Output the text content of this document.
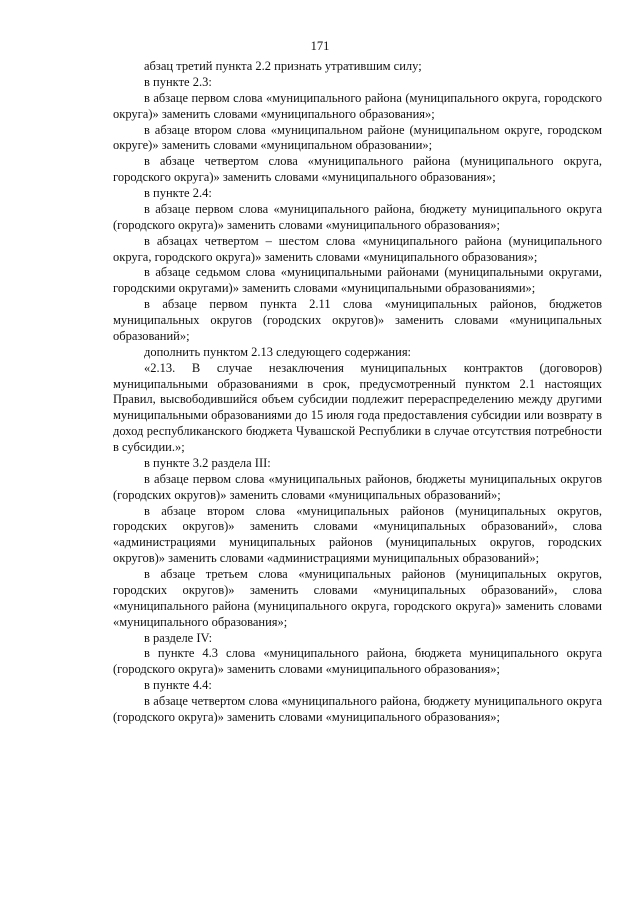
171

абзац третий пункта 2.2 признать утратившим силу;

в пункте 2.3:

в абзаце первом слова «муниципального района (муниципального округа, городского округа)» заменить словами «муниципального образования»;

в абзаце втором слова «муниципальном районе (муниципальном округе, городском округе)» заменить словами «муниципальном образовании»;

в абзаце четвертом слова «муниципального района (муниципального округа, городского округа)» заменить словами «муниципального образования»;

в пункте 2.4:

в абзаце первом слова «муниципального района, бюджету муниципального округа (городского округа)» заменить словами «муниципального образования»;

в абзацах четвертом – шестом слова «муниципального района (муниципального округа, городского округа)» заменить словами «муниципального образования»;

в абзаце седьмом слова «муниципальными районами (муниципальными округами, городскими округами)» заменить словами «муниципальными образованиями»;

в абзаце первом пункта 2.11 слова «муниципальных районов, бюджетов муниципальных округов (городских округов)» заменить словами «муниципальных образований»;

дополнить пунктом 2.13 следующего содержания:

«2.13. В случае незаключения муниципальных контрактов (договоров) муниципальными образованиями в срок, предусмотренный пунктом 2.1 настоящих Правил, высвободившийся объем субсидии подлежит перераспределению между другими муниципальными образованиями до 15 июля года предоставления субсидии или возврату в доход республиканского бюджета Чувашской Республики в случае отсутствия потребности в субсидии.»;

в пункте 3.2 раздела III:

в абзаце первом слова «муниципальных районов, бюджеты муниципальных округов (городских округов)» заменить словами «муниципальных образований»;

в абзаце втором слова «муниципальных районов (муниципальных округов, городских округов)» заменить словами «муниципальных образований», слова «администрациями муниципальных районов (муниципальных округов, городских округов)» заменить словами «администрациями муниципальных образований»;

в абзаце третьем слова «муниципальных районов (муниципальных округов, городских округов)» заменить словами «муниципальных образований», слова «муниципального района (муниципального округа, городского округа)» заменить словами «муниципального образования»;

в разделе IV:

в пункте 4.3 слова «муниципального района, бюджета муниципального округа (городского округа)» заменить словами «муниципального образования»;

в пункте 4.4:

в абзаце четвертом слова «муниципального района, бюджету муниципального округа (городского округа)» заменить словами «муниципального образования»;
